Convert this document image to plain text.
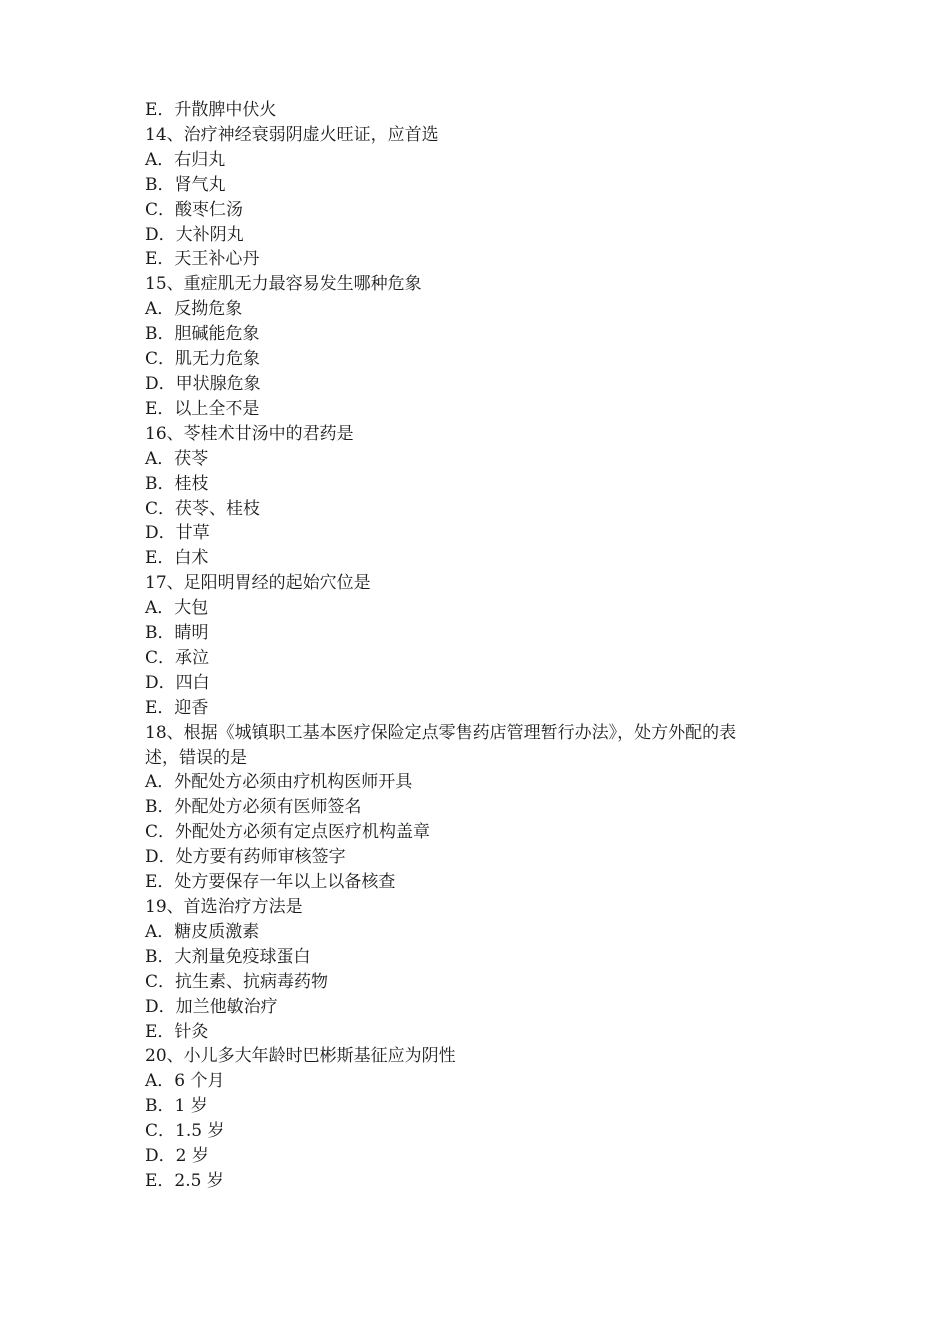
E．升散脾中伏火

14、治疗神经衰弱阴虚火旺证，应首选

A．右归丸

B．肾气丸

C．酸枣仁汤

D．大补阴丸

E．天王补心丹

15、重症肌无力最容易发生哪种危象

A．反拗危象

B．胆碱能危象

C．肌无力危象

D．甲状腺危象

E．以上全不是

16、苓桂术甘汤中的君药是

A．茯苓

B．桂枝

C．茯苓、桂枝

D．甘草

E．白术

17、足阳明胃经的起始穴位是

A．大包

B．睛明

C．承泣

D．四白

E．迎香

18、根据《城镇职工基本医疗保险定点零售药店管理暂行办法》，处方外配的表

述，错误的是

A．外配处方必须由疗机构医师开具

B．外配处方必须有医师签名

C．外配处方必须有定点医疗机构盖章

D．处方要有药师审核签字

E．处方要保存一年以上以备核查

19、首选治疗方法是

A．糖皮质激素

B．大剂量免疫球蛋白

C．抗生素、抗病毒药物

D．加兰他敏治疗

E．针灸

20、小儿多大年龄时巴彬斯基征应为阴性

A．6 个月

B．1 岁

C．1.5 岁

D．2 岁

E．2.5 岁
